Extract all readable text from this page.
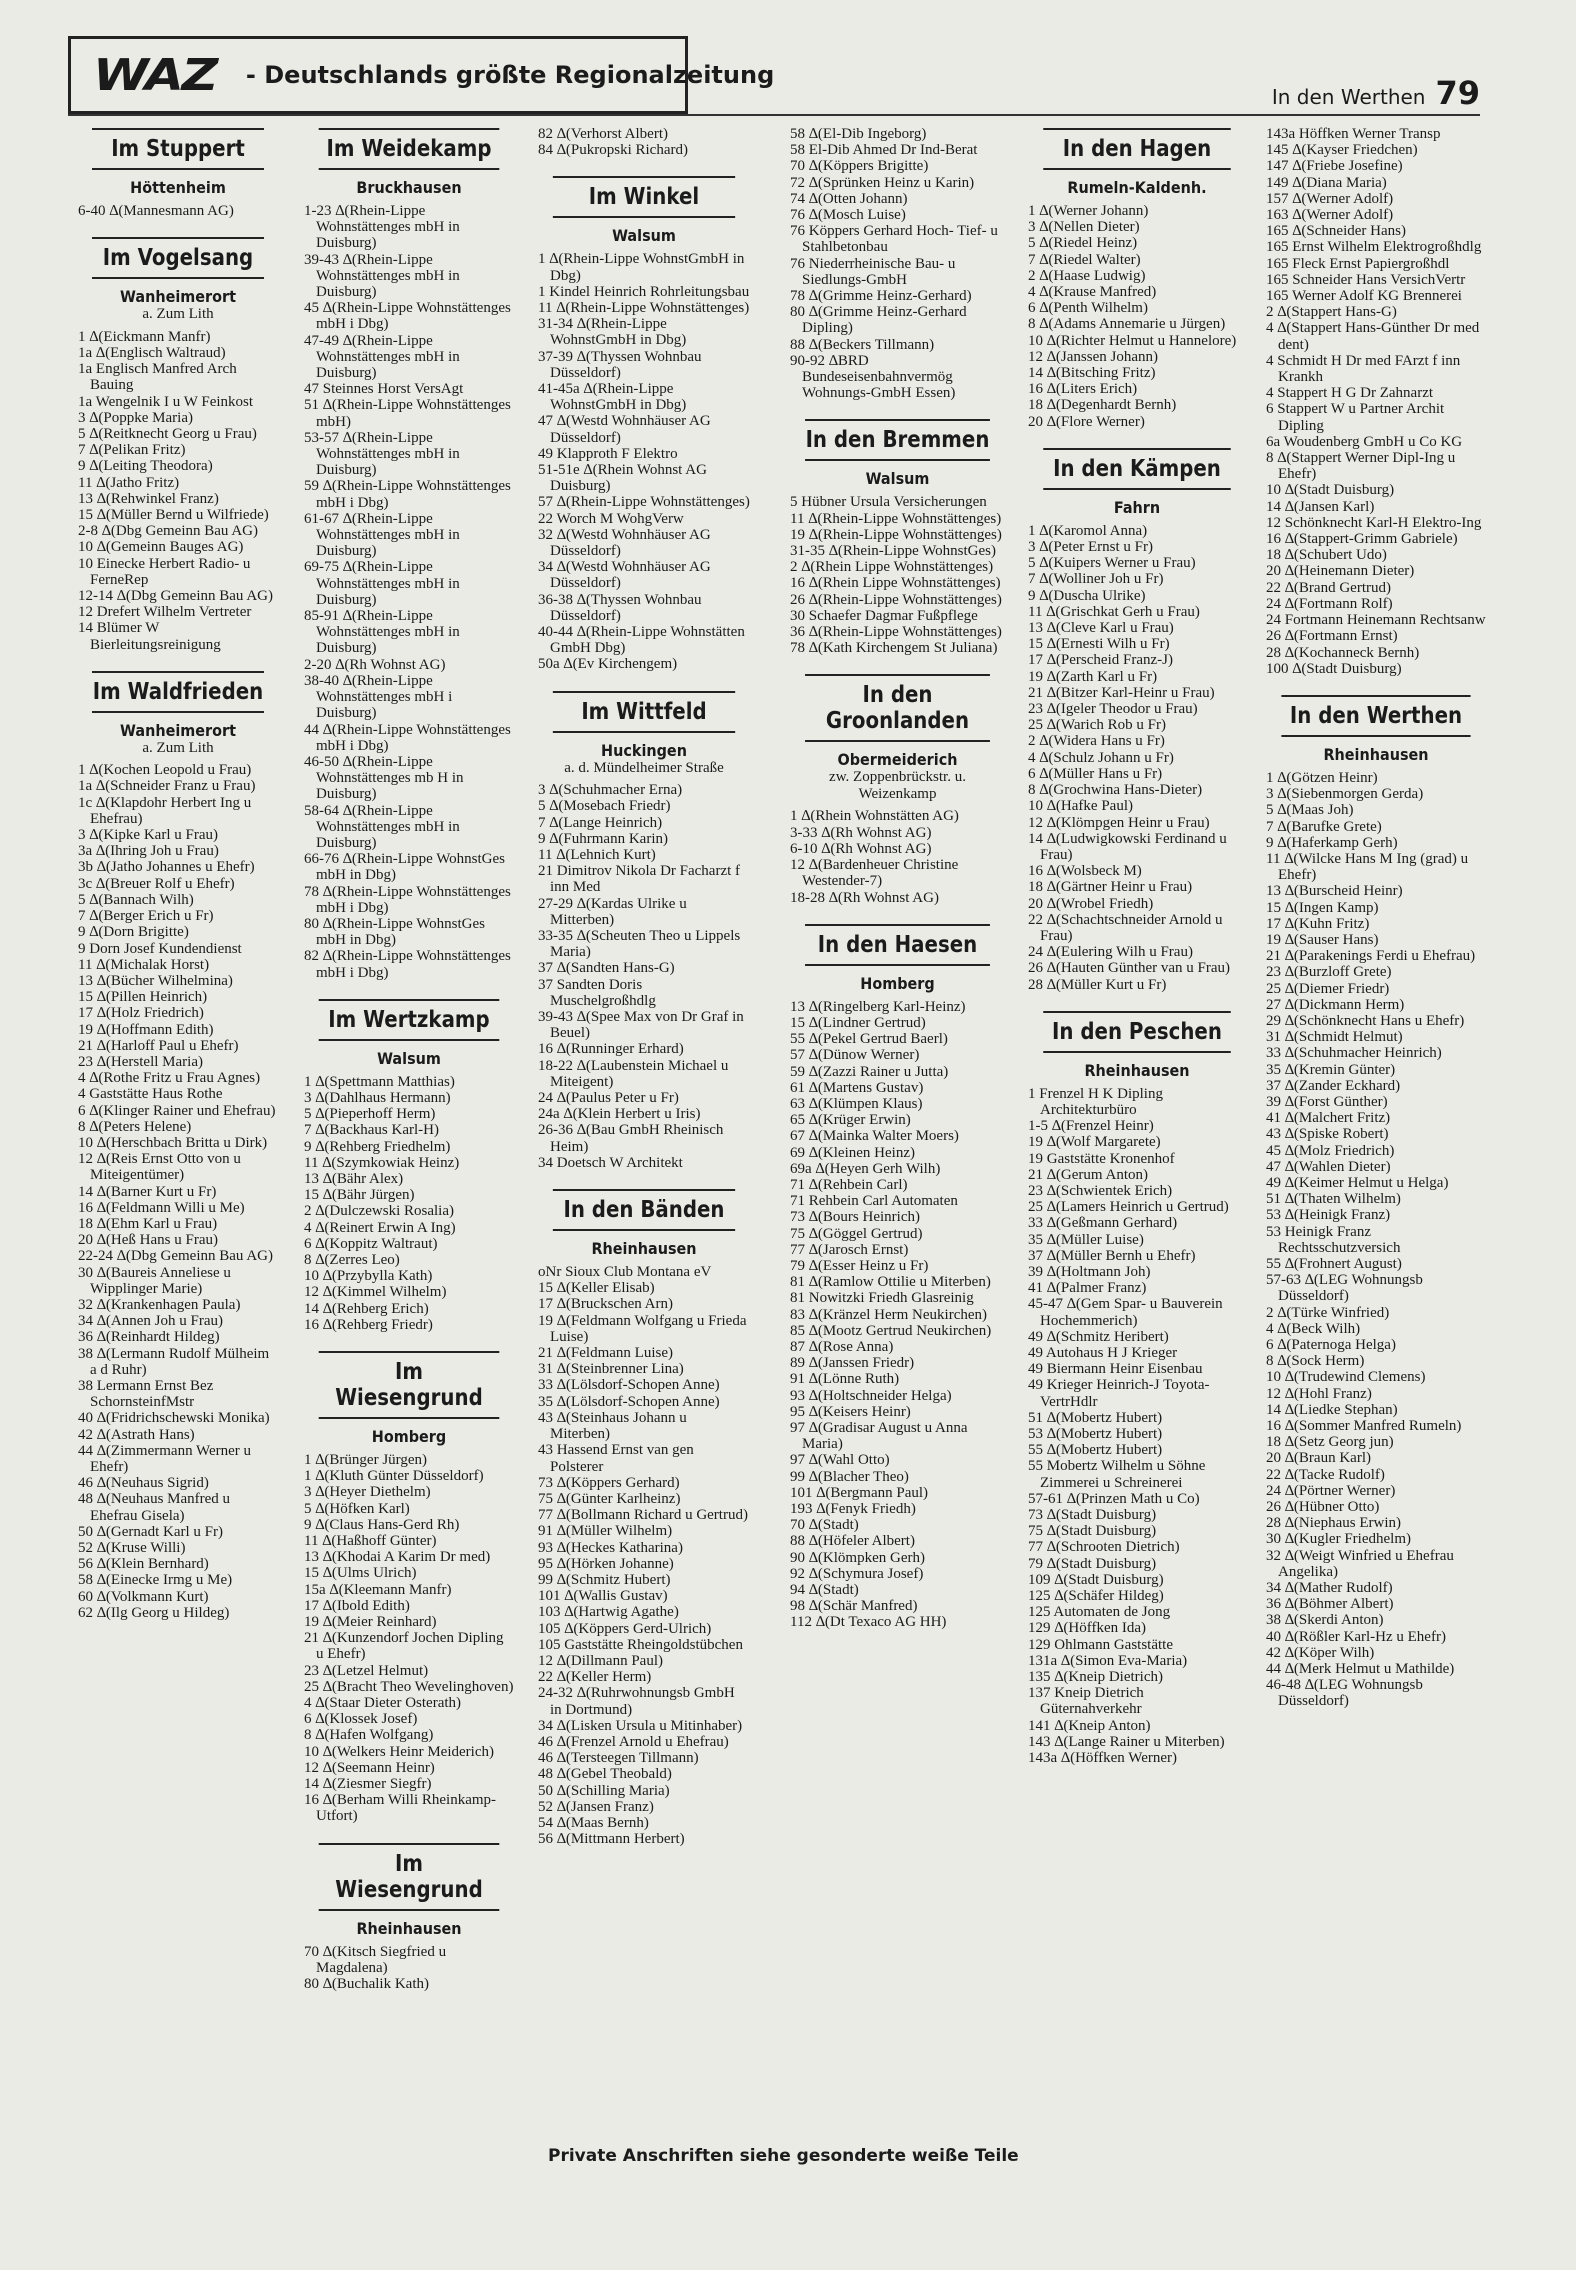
WAZ - Deutschlands größte Regionalzeitung
In den Werthen 79
Im Stuppert
Höttenheim
6-40 ∆(Mannesmann AG)
Im Vogelsang
Wanheimerort
a. Zum Lith
1 ∆(Eickmann Manfr)
1a ∆(Englisch Waltraud)
1a Englisch Manfred Arch Bauing
1a Wengelnik I u W Feinkost
3 ∆(Poppke Maria)
5 ∆(Reitknecht Georg u Frau)
7 ∆(Pelikan Fritz)
9 ∆(Leiting Theodora)
11 ∆(Jatho Fritz)
13 ∆(Rehwinkel Franz)
15 ∆(Müller Bernd u Wilfriede)
2-8 ∆(Dbg Gemeinn Bau AG)
10 ∆(Gemeinn Bauges AG)
10 Einecke Herbert Radio- u FerneRep
12-14 ∆(Dbg Gemeinn Bau AG)
12 Drefert Wilhelm Vertreter
14 Blümer W Bierleitungsreinigung
Im Waldfrieden
Wanheimerort
a. Zum Lith
1 ∆(Kochen Leopold u Frau)
1a ∆(Schneider Franz u Frau)
1c ∆(Klapdohr Herbert Ing u Ehefrau)
3 ∆(Kipke Karl u Frau)
3a ∆(Ihring Joh u Frau)
3b ∆(Jatho Johannes u Ehefr)
3c ∆(Breuer Rolf u Ehefr)
5 ∆(Bannach Wilh)
7 ∆(Berger Erich u Fr)
9 ∆(Dorn Brigitte)
9 Dorn Josef Kundendienst
11 ∆(Michalak Horst)
13 ∆(Bücher Wilhelmina)
15 ∆(Pillen Heinrich)
17 ∆(Holz Friedrich)
19 ∆(Hoffmann Edith)
21 ∆(Harloff Paul u Ehefr)
23 ∆(Herstell Maria)
4 ∆(Rothe Fritz u Frau Agnes)
4 Gaststätte Haus Rothe
6 ∆(Klinger Rainer und Ehefrau)
8 ∆(Peters Helene)
10 ∆(Herschbach Britta u Dirk)
12 ∆(Reis Ernst Otto von u Miteigentümer)
14 ∆(Barner Kurt u Fr)
16 ∆(Feldmann Willi u Me)
18 ∆(Ehm Karl u Frau)
20 ∆(Heß Hans u Frau)
22-24 ∆(Dbg Gemeinn Bau AG)
30 ∆(Baureis Anneliese u Wipplinger Marie)
32 ∆(Krankenhagen Paula)
34 ∆(Annen Joh u Frau)
36 ∆(Reinhardt Hildeg)
38 ∆(Lermann Rudolf Mülheim a d Ruhr)
38 Lermann Ernst Bez SchornsteinfMstr
40 ∆(Fridrichschewski Monika)
42 ∆(Astrath Hans)
44 ∆(Zimmermann Werner u Ehefr)
46 ∆(Neuhaus Sigrid)
48 ∆(Neuhaus Manfred u Ehefrau Gisela)
50 ∆(Gernadt Karl u Fr)
52 ∆(Kruse Willi)
56 ∆(Klein Bernhard)
58 ∆(Einecke Irmg u Me)
60 ∆(Volkmann Kurt)
62 ∆(Ilg Georg u Hildeg)
Im Weidekamp
Bruckhausen
1-23 ∆(Rhein-Lippe Wohnstättenges mbH in Duisburg)
39-43 ∆(Rhein-Lippe Wohnstättenges mbH in Duisburg)
45 ∆(Rhein-Lippe Wohnstättenges mbH i Dbg)
47-49 ∆(Rhein-Lippe Wohnstättenges mbH in Duisburg)
47 Steinnes Horst VersAgt
51 ∆(Rhein-Lippe Wohnstättenges mbH)
53-57 ∆(Rhein-Lippe Wohnstättenges mbH in Duisburg)
59 ∆(Rhein-Lippe Wohnstättenges mbH i Dbg)
61-67 ∆(Rhein-Lippe Wohnstättenges mbH in Duisburg)
69-75 ∆(Rhein-Lippe Wohnstättenges mbH in Duisburg)
85-91 ∆(Rhein-Lippe Wohnstättenges mbH in Duisburg)
2-20 ∆(Rh Wohnst AG)
38-40 ∆(Rhein-Lippe Wohnstättenges mbH i Duisburg)
44 ∆(Rhein-Lippe Wohnstättenges mbH i Dbg)
46-50 ∆(Rhein-Lippe Wohnstättenges mb H in Duisburg)
58-64 ∆(Rhein-Lippe Wohnstättenges mbH in Duisburg)
66-76 ∆(Rhein-Lippe WohnstGes mbH in Dbg)
78 ∆(Rhein-Lippe Wohnstättenges mbH i Dbg)
80 ∆(Rhein-Lippe WohnstGes mbH in Dbg)
82 ∆(Rhein-Lippe Wohnstättenges mbH i Dbg)
Im Wertzkamp
Walsum
1 ∆(Spettmann Matthias)
3 ∆(Dahlhaus Hermann)
5 ∆(Pieperhoff Herm)
7 ∆(Backhaus Karl-H)
9 ∆(Rehberg Friedhelm)
11 ∆(Szymkowiak Heinz)
13 ∆(Bähr Alex)
15 ∆(Bähr Jürgen)
2 ∆(Dulczewski Rosalia)
4 ∆(Reinert Erwin A Ing)
6 ∆(Koppitz Waltraut)
8 ∆(Zerres Leo)
10 ∆(Przybylla Kath)
12 ∆(Kimmel Wilhelm)
14 ∆(Rehberg Erich)
16 ∆(Rehberg Friedr)
Im Wiesengrund
Homberg
1 ∆(Brünger Jürgen)
1 ∆(Kluth Günter Düsseldorf)
3 ∆(Heyer Diethelm)
5 ∆(Höfken Karl)
9 ∆(Claus Hans-Gerd Rh)
11 ∆(Haßhoff Günter)
13 ∆(Khodai A Karim Dr med)
15 ∆(Ulms Ulrich)
15a ∆(Kleemann Manfr)
17 ∆(Ibold Edith)
19 ∆(Meier Reinhard)
21 ∆(Kunzendorf Jochen Dipling u Ehefr)
23 ∆(Letzel Helmut)
25 ∆(Bracht Theo Wevelinghoven)
4 ∆(Staar Dieter Osterath)
6 ∆(Klossek Josef)
8 ∆(Hafen Wolfgang)
10 ∆(Welkers Heinr Meiderich)
12 ∆(Seemann Heinr)
14 ∆(Ziesmer Siegfr)
16 ∆(Berham Willi Rheinkamp-Utfort)
Im Wiesengrund
Rheinhausen
70 ∆(Kitsch Siegfried u Magdalena)
80 ∆(Buchalik Kath)
82 ∆(Verhorst Albert)
84 ∆(Pukropski Richard)
Im Winkel
Walsum
1 ∆(Rhein-Lippe WohnstGmbH in Dbg)
1 Kindel Heinrich Rohrleitungsbau
11 ∆(Rhein-Lippe Wohnstättenges)
31-34 ∆(Rhein-Lippe WohnstGmbH in Dbg)
37-39 ∆(Thyssen Wohnbau Düsseldorf)
41-45a ∆(Rhein-Lippe WohnstGmbH in Dbg)
47 ∆(Westd Wohnhäuser AG Düsseldorf)
49 Klapproth F Elektro
51-51e ∆(Rhein Wohnst AG Duisburg)
57 ∆(Rhein-Lippe Wohnstättenges)
22 Worch M WohgVerw
32 ∆(Westd Wohnhäuser AG Düsseldorf)
34 ∆(Westd Wohnhäuser AG Düsseldorf)
36-38 ∆(Thyssen Wohnbau Düsseldorf)
40-44 ∆(Rhein-Lippe Wohnstätten GmbH Dbg)
50a ∆(Ev Kirchengem)
Im Wittfeld
Huckingen
a. d. Mündelheimer Straße
3 ∆(Schuhmacher Erna)
5 ∆(Mosebach Friedr)
7 ∆(Lange Heinrich)
9 ∆(Fuhrmann Karin)
11 ∆(Lehnich Kurt)
21 Dimitrov Nikola Dr Facharzt f inn Med
27-29 ∆(Kardas Ulrike u Mitterben)
33-35 ∆(Scheuten Theo u Lippels Maria)
37 ∆(Sandten Hans-G)
37 Sandten Doris Muschelgroßhdlg
39-43 ∆(Spee Max von Dr Graf in Beuel)
16 ∆(Runninger Erhard)
18-22 ∆(Laubenstein Michael u Miteigent)
24 ∆(Paulus Peter u Fr)
24a ∆(Klein Herbert u Iris)
26-36 ∆(Bau GmbH Rheinisch Heim)
34 Doetsch W Architekt
In den Bänden
Rheinhausen
oNr Sioux Club Montana eV
15 ∆(Keller Elisab)
17 ∆(Bruckschen Arn)
19 ∆(Feldmann Wolfgang u Frieda Luise)
21 ∆(Feldmann Luise)
31 ∆(Steinbrenner Lina)
33 ∆(Lölsdorf-Schopen Anne)
35 ∆(Lölsdorf-Schopen Anne)
43 ∆(Steinhaus Johann u Miterben)
43 Hassend Ernst van gen Polsterer
73 ∆(Köppers Gerhard)
75 ∆(Günter Karlheinz)
77 ∆(Bollmann Richard u Gertrud)
91 ∆(Müller Wilhelm)
93 ∆(Heckes Katharina)
95 ∆(Hörken Johanne)
99 ∆(Schmitz Hubert)
101 ∆(Wallis Gustav)
103 ∆(Hartwig Agathe)
105 ∆(Köppers Gerd-Ulrich)
105 Gaststätte Rheingoldstübchen
12 ∆(Dillmann Paul)
22 ∆(Keller Herm)
24-32 ∆(Ruhrwohnungsb GmbH in Dortmund)
34 ∆(Lisken Ursula u Mitinhaber)
46 ∆(Frenzel Arnold u Ehefrau)
46 ∆(Tersteegen Tillmann)
48 ∆(Gebel Theobald)
50 ∆(Schilling Maria)
52 ∆(Jansen Franz)
54 ∆(Maas Bernh)
56 ∆(Mittmann Herbert)
58 ∆(El-Dib Ingeborg)
58 El-Dib Ahmed Dr Ind-Berat
70 ∆(Köppers Brigitte)
72 ∆(Sprünken Heinz u Karin)
74 ∆(Otten Johann)
76 ∆(Mosch Luise)
76 Köppers Gerhard Hoch- Tief- u Stahlbetonbau
76 Niederrheinische Bau- u Siedlungs-GmbH
78 ∆(Grimme Heinz-Gerhard)
80 ∆(Grimme Heinz-Gerhard Dipling)
88 ∆(Beckers Tillmann)
90-92 ∆BRD Bundeseisenbahnvermög Wohnungs-GmbH Essen)
In den Bremmen
Walsum
5 Hübner Ursula Versicherungen
11 ∆(Rhein-Lippe Wohnstättenges)
19 ∆(Rhein-Lippe Wohnstättenges)
31-35 ∆(Rhein-Lippe WohnstGes)
2 ∆(Rhein Lippe Wohnstättenges)
16 ∆(Rhein Lippe Wohnstättenges)
26 ∆(Rhein-Lippe Wohnstättenges)
30 Schaefer Dagmar Fußpflege
36 ∆(Rhein-Lippe Wohnstättenges)
78 ∆(Kath Kirchengem St Juliana)
In den Groonlanden
Obermeiderich
zw. Zoppenbrückstr. u. Weizenkamp
1 ∆(Rhein Wohnstätten AG)
3-33 ∆(Rh Wohnst AG)
6-10 ∆(Rh Wohnst AG)
12 ∆(Bardenheuer Christine Westender-7)
18-28 ∆(Rh Wohnst AG)
In den Haesen
Homberg
13 ∆(Ringelberg Karl-Heinz)
15 ∆(Lindner Gertrud)
55 ∆(Pekel Gertrud Baerl)
57 ∆(Dünow Werner)
59 ∆(Zazzi Rainer u Jutta)
61 ∆(Martens Gustav)
63 ∆(Klümpen Klaus)
65 ∆(Krüger Erwin)
67 ∆(Mainka Walter Moers)
69 ∆(Kleinen Heinz)
69a ∆(Heyen Gerh Wilh)
71 ∆(Rehbein Carl)
71 Rehbein Carl Automaten
73 ∆(Bours Heinrich)
75 ∆(Göggel Gertrud)
77 ∆(Jarosch Ernst)
79 ∆(Esser Heinz u Fr)
81 ∆(Ramlow Ottilie u Miterben)
81 Nowitzki Friedh Glasreinig
83 ∆(Kränzel Herm Neukirchen)
85 ∆(Mootz Gertrud Neukirchen)
87 ∆(Rose Anna)
89 ∆(Janssen Friedr)
91 ∆(Lönne Ruth)
93 ∆(Holtschneider Helga)
95 ∆(Keisers Heinr)
97 ∆(Gradisar August u Anna Maria)
97 ∆(Wahl Otto)
99 ∆(Blacher Theo)
101 ∆(Bergmann Paul)
193 ∆(Fenyk Friedh)
70 ∆(Stadt)
88 ∆(Höfeler Albert)
90 ∆(Klömpken Gerh)
92 ∆(Schymura Josef)
94 ∆(Stadt)
98 ∆(Schär Manfred)
112 ∆(Dt Texaco AG HH)
In den Hagen
Rumeln-Kaldenh.
1 ∆(Werner Johann)
3 ∆(Nellen Dieter)
5 ∆(Riedel Heinz)
7 ∆(Riedel Walter)
2 ∆(Haase Ludwig)
4 ∆(Krause Manfred)
6 ∆(Penth Wilhelm)
8 ∆(Adams Annemarie u Jürgen)
10 ∆(Richter Helmut u Hannelore)
12 ∆(Janssen Johann)
14 ∆(Bitsching Fritz)
16 ∆(Liters Erich)
18 ∆(Degenhardt Bernh)
20 ∆(Flore Werner)
In den Kämpen
Fahrn
1 ∆(Karomol Anna)
3 ∆(Peter Ernst u Fr)
5 ∆(Kuipers Werner u Frau)
7 ∆(Wolliner Joh u Fr)
9 ∆(Duscha Ulrike)
11 ∆(Grischkat Gerh u Frau)
13 ∆(Cleve Karl u Frau)
15 ∆(Ernesti Wilh u Fr)
17 ∆(Perscheid Franz-J)
19 ∆(Zarth Karl u Fr)
21 ∆(Bitzer Karl-Heinr u Frau)
23 ∆(Igeler Theodor u Frau)
25 ∆(Warich Rob u Fr)
2 ∆(Widera Hans u Fr)
4 ∆(Schulz Johann u Fr)
6 ∆(Müller Hans u Fr)
8 ∆(Grochwina Hans-Dieter)
10 ∆(Hafke Paul)
12 ∆(Klömpgen Heinr u Frau)
14 ∆(Ludwigkowski Ferdinand u Frau)
16 ∆(Wolsbeck M)
18 ∆(Gärtner Heinr u Frau)
20 ∆(Wrobel Friedh)
22 ∆(Schachtschneider Arnold u Frau)
24 ∆(Eulering Wilh u Frau)
26 ∆(Hauten Günther van u Frau)
28 ∆(Müller Kurt u Fr)
In den Peschen
Rheinhausen
1 Frenzel H K Dipling Architekturbüro
1-5 ∆(Frenzel Heinr)
19 ∆(Wolf Margarete)
19 Gaststätte Kronenhof
21 ∆(Gerum Anton)
23 ∆(Schwientek Erich)
25 ∆(Lamers Heinrich u Gertrud)
33 ∆(Geßmann Gerhard)
35 ∆(Müller Luise)
37 ∆(Müller Bernh u Ehefr)
39 ∆(Holtmann Joh)
41 ∆(Palmer Franz)
45-47 ∆(Gem Spar- u Bauverein Hochemmerich)
49 ∆(Schmitz Heribert)
49 Autohaus H J Krieger
49 Biermann Heinr Eisenbau
49 Krieger Heinrich-J Toyota-VertrHdlr
51 ∆(Mobertz Hubert)
53 ∆(Mobertz Hubert)
55 ∆(Mobertz Hubert)
55 Mobertz Wilhelm u Söhne Zimmerei u Schreinerei
57-61 ∆(Prinzen Math u Co)
73 ∆(Stadt Duisburg)
75 ∆(Stadt Duisburg)
77 ∆(Schrooten Dietrich)
79 ∆(Stadt Duisburg)
109 ∆(Stadt Duisburg)
125 ∆(Schäfer Hildeg)
125 Automaten de Jong
129 ∆(Höffken Ida)
129 Ohlmann Gaststätte
131a ∆(Simon Eva-Maria)
135 ∆(Kneip Dietrich)
137 Kneip Dietrich Güternahverkehr
141 ∆(Kneip Anton)
143 ∆(Lange Rainer u Miterben)
143a ∆(Höffken Werner)
143a Höffken Werner Transp
145 ∆(Kayser Friedchen)
147 ∆(Friebe Josefine)
149 ∆(Diana Maria)
157 ∆(Werner Adolf)
163 ∆(Werner Adolf)
165 ∆(Schneider Hans)
165 Ernst Wilhelm Elektrogroßhdlg
165 Fleck Ernst Papiergroßhdl
165 Schneider Hans VersichVertr
165 Werner Adolf KG Brennerei
2 ∆(Stappert Hans-G)
4 ∆(Stappert Hans-Günther Dr med dent)
4 Schmidt H Dr med FArzt f inn Krankh
4 Stappert H G Dr Zahnarzt
6 Stappert W u Partner Archit Dipling
6a Woudenberg GmbH u Co KG
8 ∆(Stappert Werner Dipl-Ing u Ehefr)
10 ∆(Stadt Duisburg)
14 ∆(Jansen Karl)
12 Schönknecht Karl-H Elektro-Ing
16 ∆(Stappert-Grimm Gabriele)
18 ∆(Schubert Udo)
20 ∆(Heinemann Dieter)
22 ∆(Brand Gertrud)
24 ∆(Fortmann Rolf)
24 Fortmann Heinemann Rechtsanw
26 ∆(Fortmann Ernst)
28 ∆(Kochanneck Bernh)
100 ∆(Stadt Duisburg)
In den Werthen
Rheinhausen
1 ∆(Götzen Heinr)
3 ∆(Siebenmorgen Gerda)
5 ∆(Maas Joh)
7 ∆(Barufke Grete)
9 ∆(Haferkamp Gerh)
11 ∆(Wilcke Hans M Ing (grad) u Ehefr)
13 ∆(Burscheid Heinr)
15 ∆(Ingen Kamp)
17 ∆(Kuhn Fritz)
19 ∆(Sauser Hans)
21 ∆(Parakenings Ferdi u Ehefrau)
23 ∆(Burzloff Grete)
25 ∆(Diemer Friedr)
27 ∆(Dickmann Herm)
29 ∆(Schönknecht Hans u Ehefr)
31 ∆(Schmidt Helmut)
33 ∆(Schuhmacher Heinrich)
35 ∆(Kremin Günter)
37 ∆(Zander Eckhard)
39 ∆(Forst Günther)
41 ∆(Malchert Fritz)
43 ∆(Spiske Robert)
45 ∆(Molz Friedrich)
47 ∆(Wahlen Dieter)
49 ∆(Keimer Helmut u Helga)
51 ∆(Thaten Wilhelm)
53 ∆(Heinigk Franz)
53 Heinigk Franz Rechtsschutzversich
55 ∆(Frohnert August)
57-63 ∆(LEG Wohnungsb Düsseldorf)
2 ∆(Türke Winfried)
4 ∆(Beck Wilh)
6 ∆(Paternoga Helga)
8 ∆(Sock Herm)
10 ∆(Trudewind Clemens)
12 ∆(Hohl Franz)
14 ∆(Liedke Stephan)
16 ∆(Sommer Manfred Rumeln)
18 ∆(Setz Georg jun)
20 ∆(Braun Karl)
22 ∆(Tacke Rudolf)
24 ∆(Pörtner Werner)
26 ∆(Hübner Otto)
28 ∆(Niephaus Erwin)
30 ∆(Kugler Friedhelm)
32 ∆(Weigt Winfried u Ehefrau Angelika)
34 ∆(Mather Rudolf)
36 ∆(Böhmer Albert)
38 ∆(Skerdi Anton)
40 ∆(Rößler Karl-Hz u Ehefr)
42 ∆(Köper Wilh)
44 ∆(Merk Helmut u Mathilde)
46-48 ∆(LEG Wohnungsb Düsseldorf)
Private Anschriften siehe gesonderte weiße Teile
